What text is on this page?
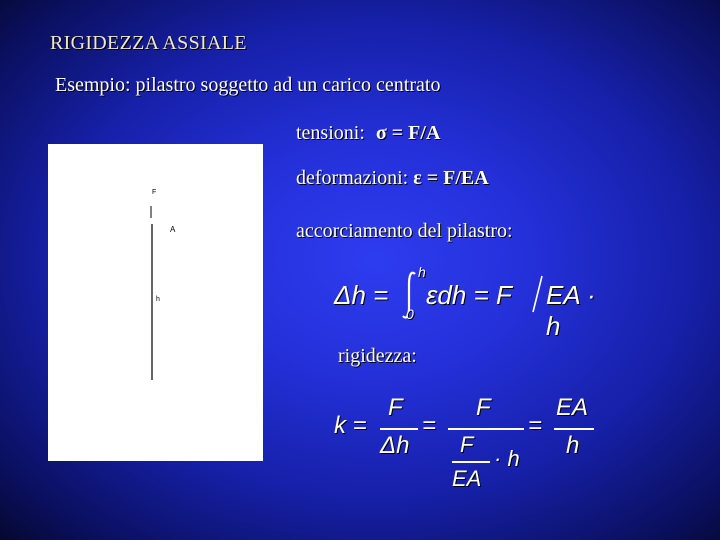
RIGIDEZZA ASSIALE
Esempio: pilastro soggetto ad un carico centrato
tensioni: σ = F/A
deformazioni: ε = F/EA
accorciamento del pilastro:
rigidezza:
F
A
h	Δh =
h
0
εdh = F EA · h
k =
F
Δh
=
F
F
EA
· h
=
EA
h
